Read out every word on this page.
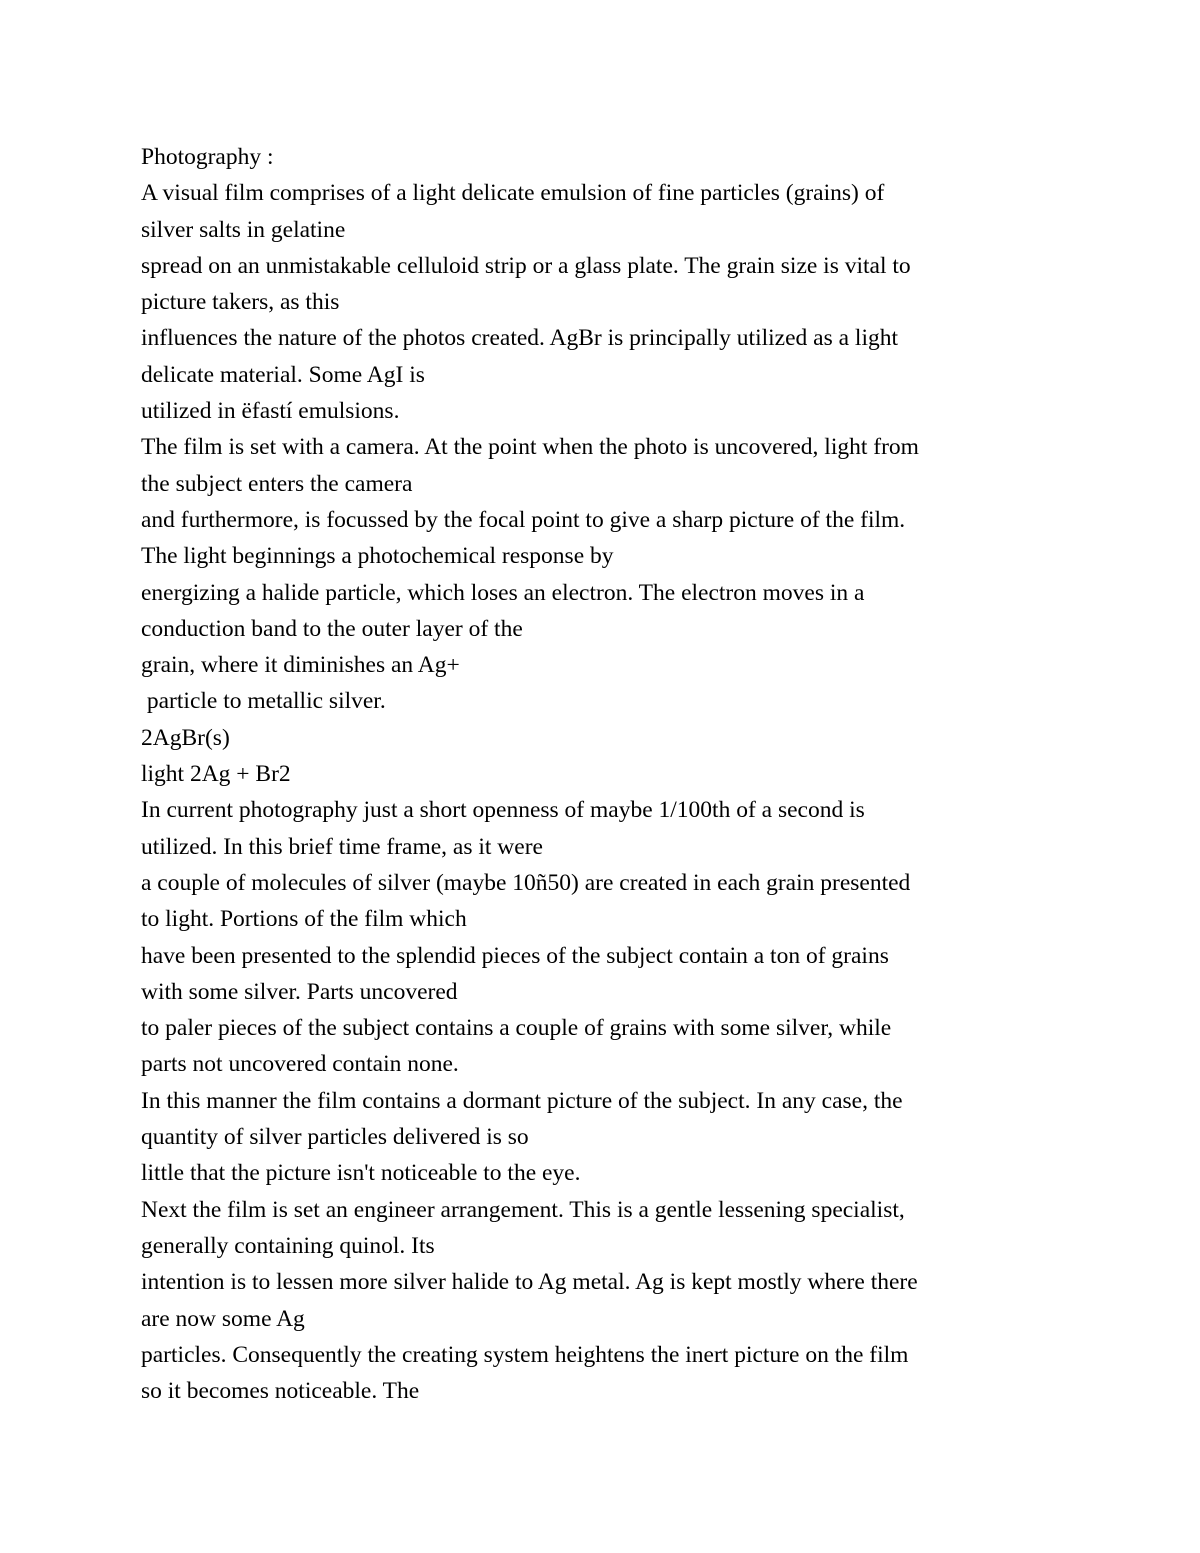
Photography :
A visual film comprises of a light delicate emulsion of fine particles (grains) of
silver salts in gelatine
spread on an unmistakable celluloid strip or a glass plate. The grain size is vital to
picture takers, as this
influences the nature of the photos created. AgBr is principally utilized as a light
delicate material. Some AgI is
utilized in ëfastí emulsions.
The film is set with a camera. At the point when the photo is uncovered, light from
the subject enters the camera
and furthermore, is focussed by the focal point to give a sharp picture of the film.
The light beginnings a photochemical response by
energizing a halide particle, which loses an electron. The electron moves in a
conduction band to the outer layer of the
grain, where it diminishes an Ag+
particle to metallic silver.
2AgBr(s)
light 2Ag + Br2
In current photography just a short openness of maybe 1/100th of a second is
utilized. In this brief time frame, as it were
a couple of molecules of silver (maybe 10ñ50) are created in each grain presented
to light. Portions of the film which
have been presented to the splendid pieces of the subject contain a ton of grains
with some silver. Parts uncovered
to paler pieces of the subject contains a couple of grains with some silver, while
parts not uncovered contain none.
In this manner the film contains a dormant picture of the subject. In any case, the
quantity of silver particles delivered is so
little that the picture isn't noticeable to the eye.
Next the film is set an engineer arrangement. This is a gentle lessening specialist,
generally containing quinol. Its
intention is to lessen more silver halide to Ag metal. Ag is kept mostly where there
are now some Ag
particles. Consequently the creating system heightens the inert picture on the film
so it becomes noticeable. The
